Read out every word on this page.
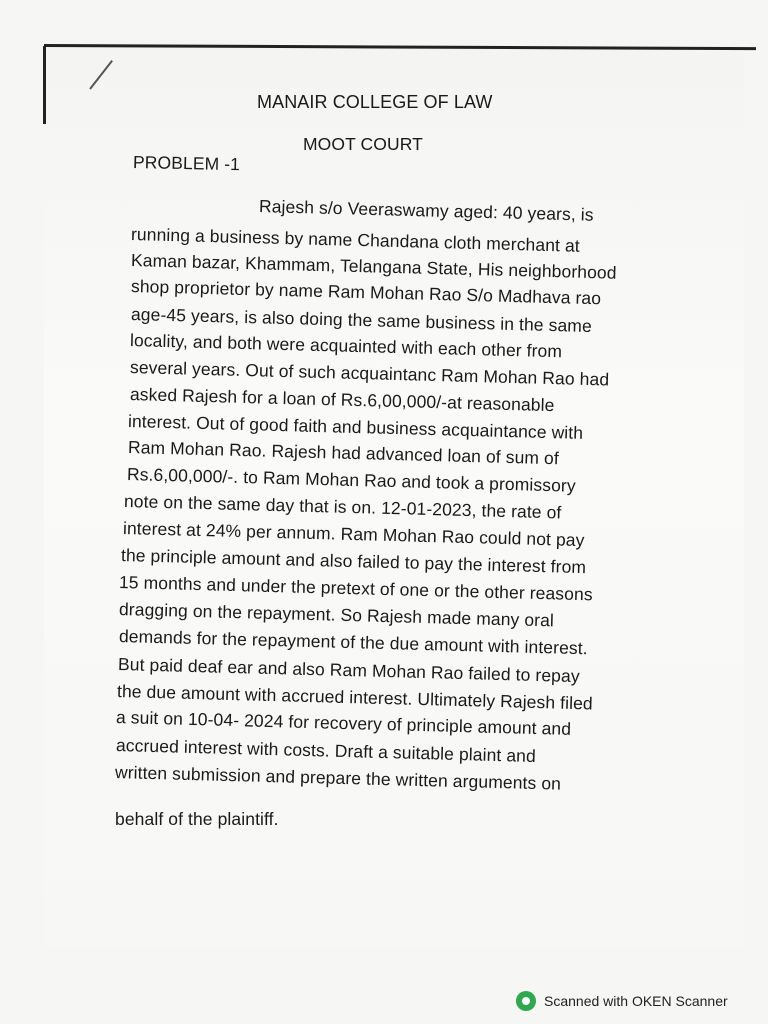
MANAIR COLLEGE OF LAW
MOOT COURT
PROBLEM -1
Rajesh s/o Veeraswamy aged: 40 years, is
running a business by name Chandana cloth merchant at
Kaman bazar, Khammam, Telangana State, His neighborhood
shop proprietor by name Ram Mohan Rao S/o Madhava rao
age-45 years, is also doing the same business in the same
locality, and both were acquainted with each other from
several years. Out of such acquaintanc Ram Mohan Rao had
asked Rajesh for a loan of Rs.6,00,000/-at reasonable
interest. Out of good faith and business acquaintance with
Ram Mohan Rao. Rajesh had advanced loan of sum of
Rs.6,00,000/-. to Ram Mohan Rao and took a promissory
note on the same day that is on. 12-01-2023, the rate of
interest at 24% per annum. Ram Mohan Rao could not pay
the principle amount and also failed to pay the interest from
15 months and under the pretext of one or the other reasons
dragging on the repayment. So Rajesh made many oral
demands for the repayment of the due amount with interest.
But paid deaf ear and also Ram Mohan Rao failed to repay
the due amount with accrued interest. Ultimately Rajesh filed
a suit on 10-04- 2024 for recovery of principle amount and
accrued interest with costs. Draft a suitable plaint and
written submission and prepare the written arguments on
behalf of the plaintiff.
Scanned with OKEN Scanner
